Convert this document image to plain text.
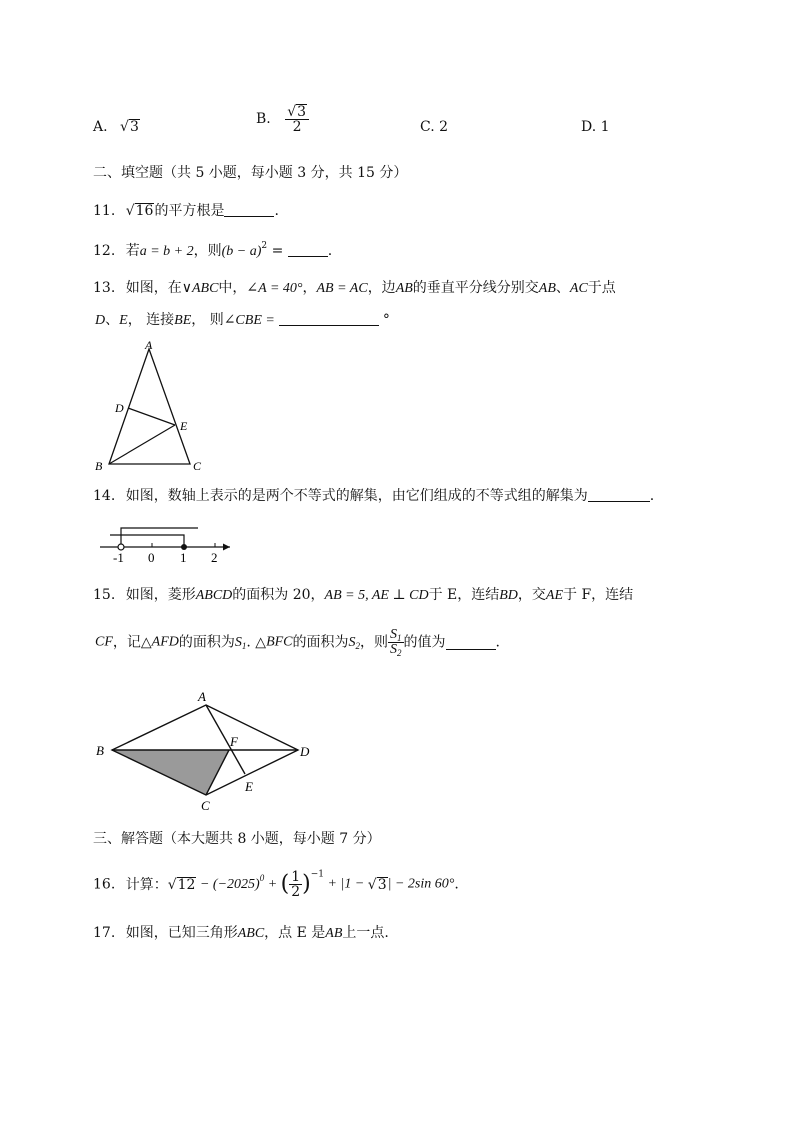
A. √3	B. $\frac{√3}{2}$	C. 2	D. 1
二、填空题（共 5 小题，每小题 3 分，共 15 分）
11. √16的平方根是	.
12. 若a = b + 2，则$(b - a)^2$ =	.
13. 如图，在∨ABC中，∠A = 40°，AB = AC，边AB的垂直平分线分别交AB、AC于点
D、E， 连接BE， 则∠CBE =	°
A
D
E
B	C
14. 如图，数轴上表示的是两个不等式的解集，由它们组成的不等式组的解集为	.
-1 0 1 2
15. 如图，菱形ABCD的面积为 20，AB = 5, AE ⊥ CD于 E，连结BD，交AE于 F，连结
CF，记△AFD的面积为$S_1$. △BFC的面积为$S_2$，则 $\frac{S_1}{S_2}$ 的值为	.
A
B	D
F
E
C
三、解答题（本大题共 8 小题，每小题 7 分）
16. 计算：$√12 - (-2025)^0$ + ( $\frac{1}{2} )^{-1} + |1 - √3| - 2\sin$ 60°.
17. 如图，已知三角形ABC，点 E 是AB上一点.
